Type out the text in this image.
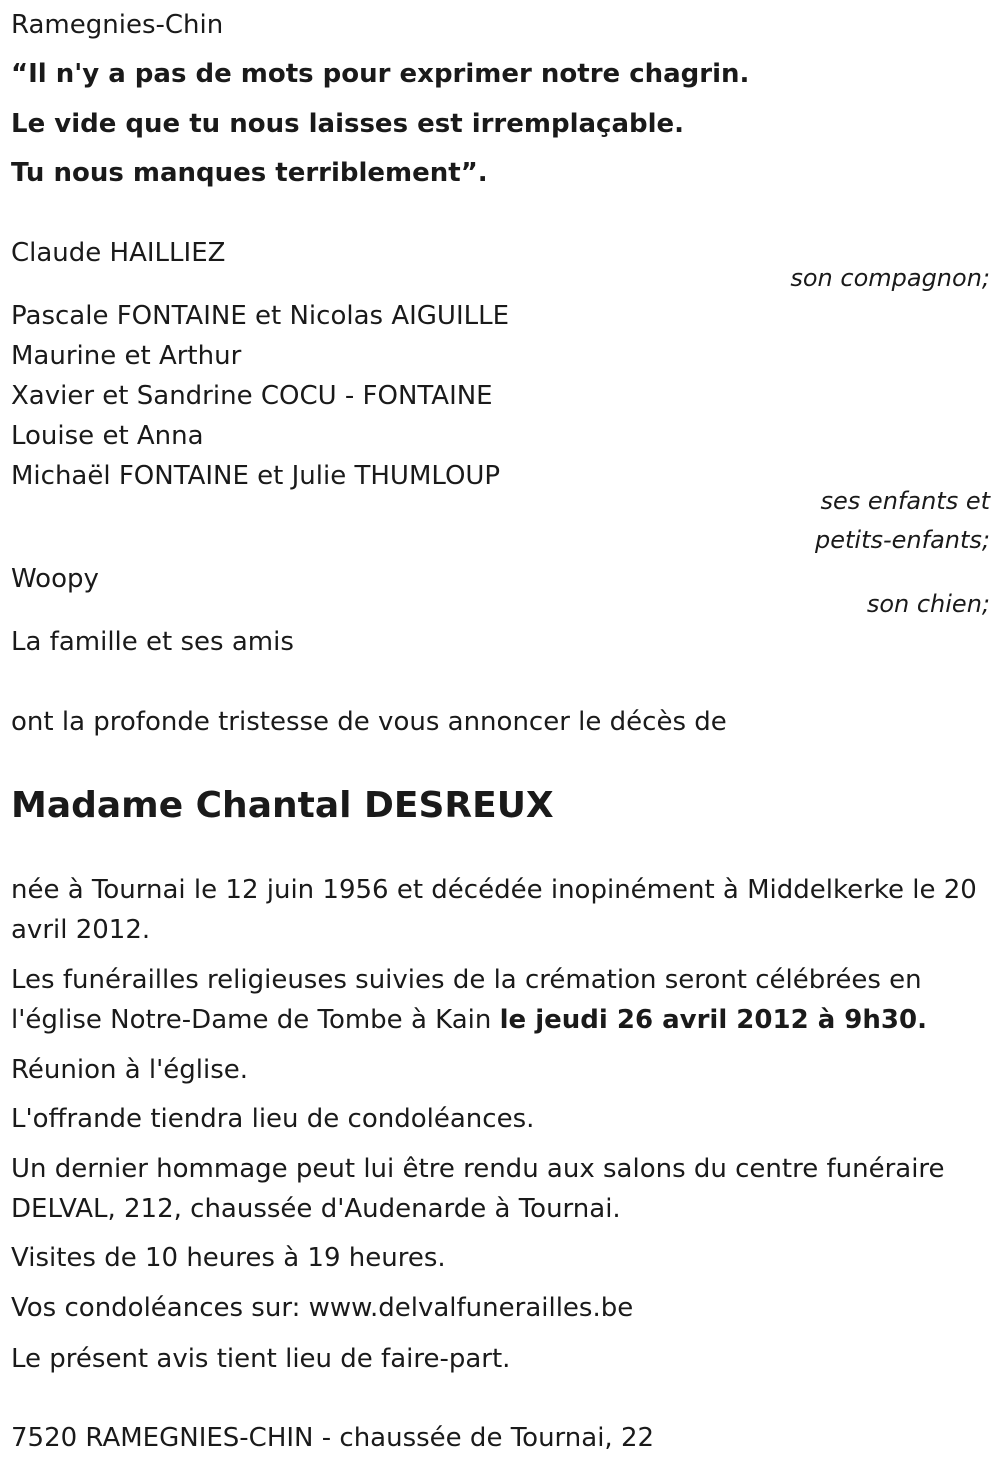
Ramegnies-Chin

“Il n'y a pas de mots pour exprimer notre chagrin.

Le vide que tu nous laisses est irremplaçable.

Tu nous manques terriblement”.

Claude HAILLIEZ

son compagnon;

Pascale FONTAINE et Nicolas AIGUILLE

Maurine et Arthur

Xavier et Sandrine COCU - FONTAINE

Louise et Anna

Michaël FONTAINE et Julie THUMLOUP

ses enfants et
petits-enfants;

Woopy

son chien;

La famille et ses amis

ont la profonde tristesse de vous annoncer le décès de

Madame Chantal DESREUX

née à Tournai le 12 juin 1956 et décédée inopinément à Middelkerke le 20 avril 2012.

Les funérailles religieuses suivies de la crémation seront célébrées en l'église Notre-Dame de Tombe à Kain le jeudi 26 avril 2012 à 9h30.

Réunion à l'église.

L'offrande tiendra lieu de condoléances.

Un dernier hommage peut lui être rendu aux salons du centre funéraire DELVAL, 212, chaussée d'Audenarde à Tournai.

Visites de 10 heures à 19 heures.

Vos condoléances sur: www.delvalfunerailles.be

Le présent avis tient lieu de faire-part.

7520 RAMEGNIES-CHIN - chaussée de Tournai, 22
